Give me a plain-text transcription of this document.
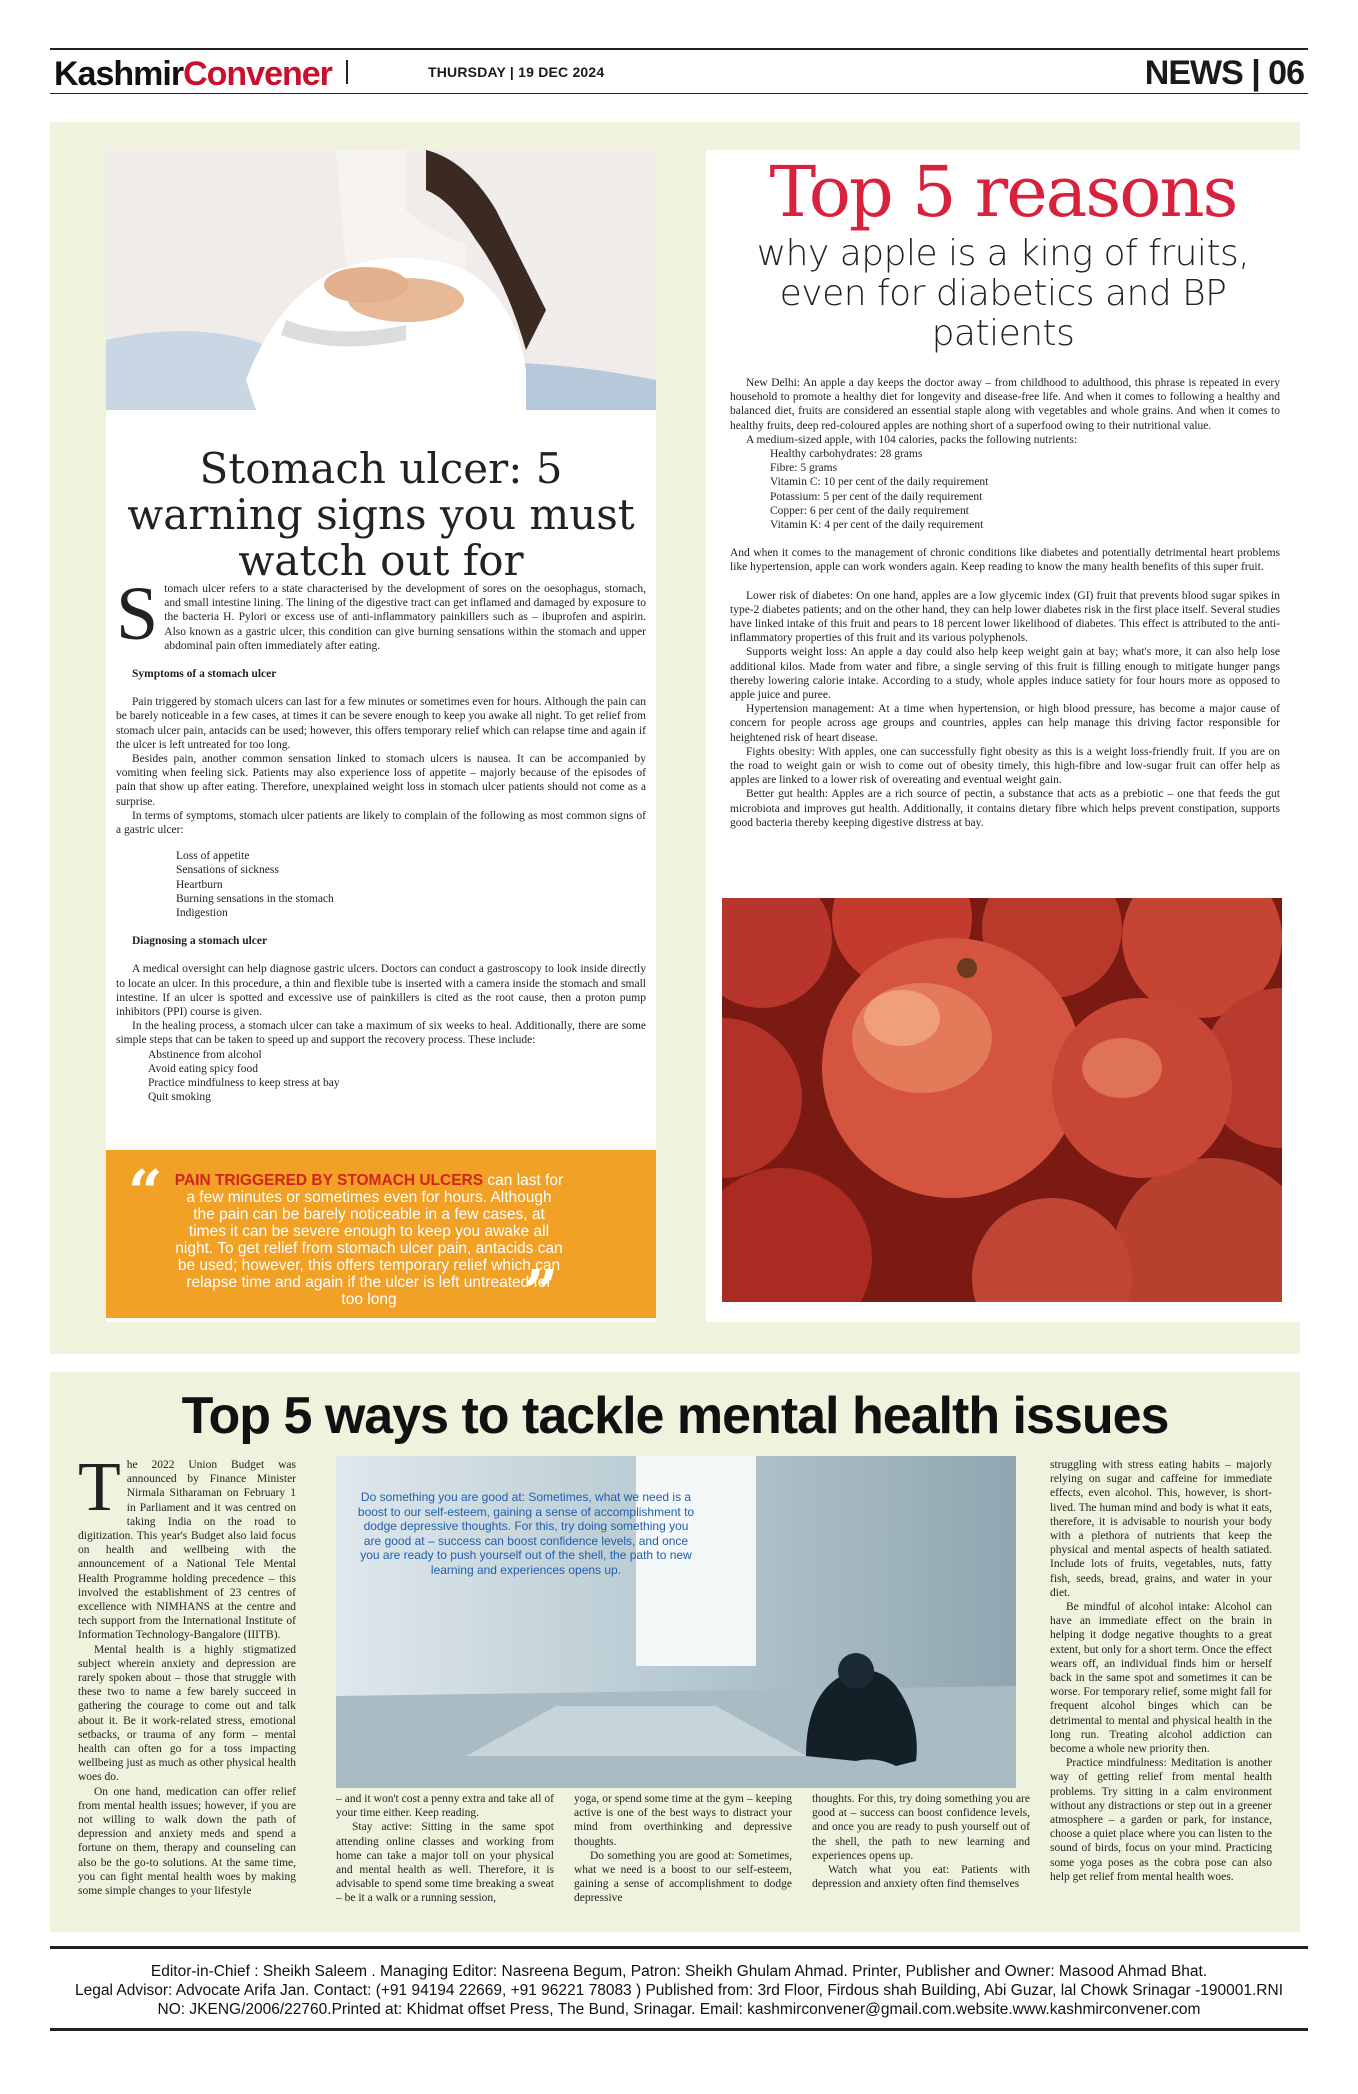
KashmirConvener	THURSDAY | 19 DEC 2024	NEWS | 06
Stomach ulcer: 5 warning signs you must watch out for
S tomach ulcer refers to a state characterised by the development of sores on the oesophagus, stomach, and small intestine lining. The lining of the digestive tract can get inflamed and damaged by exposure to the bacteria H. Pylori or excess use of anti-inflammatory painkillers such as – ibuprofen and aspirin. Also known as a gastric ulcer, this condition can give burning sensations within the stomach and upper abdominal pain often immediately after eating.

Symptoms of a stomach ulcer

Pain triggered by stomach ulcers can last for a few minutes or sometimes even for hours. Although the pain can be barely noticeable in a few cases, at times it can be severe enough to keep you awake all night. To get relief from stomach ulcer pain, antacids can be used; however, this offers temporary relief which can relapse time and again if the ulcer is left untreated for too long.

Besides pain, another common sensation linked to stomach ulcers is nausea. It can be accompanied by vomiting when feeling sick. Patients may also experience loss of appetite – majorly because of the episodes of pain that show up after eating. Therefore, unexplained weight loss in stomach ulcer patients should not come as a surprise.

In terms of symptoms, stomach ulcer patients are likely to complain of the following as most common signs of a gastric ulcer:

Loss of appetite
Sensations of sickness
Heartburn
Burning sensations in the stomach
Indigestion

Diagnosing a stomach ulcer

A medical oversight can help diagnose gastric ulcers. Doctors can conduct a gastroscopy to look inside directly to locate an ulcer. In this procedure, a thin and flexible tube is inserted with a camera inside the stomach and small intestine. If an ulcer is spotted and excessive use of painkillers is cited as the root cause, then a proton pump inhibitors (PPI) course is given.

In the healing process, a stomach ulcer can take a maximum of six weeks to heal. Additionally, there are some simple steps that can be taken to speed up and support the recovery process. These include:

Abstinence from alcohol
Avoid eating spicy food
Practice mindfulness to keep stress at bay
Quit smoking
“ PAIN TRIGGERED BY STOMACH ULCERS can last for a few minutes or sometimes even for hours. Although the pain can be barely noticeable in a few cases, at times it can be severe enough to keep you awake all night. To get relief from stomach ulcer pain, antacids can be used; however, this offers temporary relief which can relapse time and again if the ulcer is left untreated for too long	”
Top 5 reasons
why apple is a king of fruits, even for diabetics and BP patients

New Delhi: An apple a day keeps the doctor away – from childhood to adulthood, this phrase is repeated in every household to promote a healthy diet for longevity and disease-free life. And when it comes to following a healthy and balanced diet, fruits are considered an essential staple along with vegetables and whole grains. And when it comes to healthy fruits, deep red-coloured apples are nothing short of a superfood owing to their nutritional value.

A medium-sized apple, with 104 calories, packs the following nutrients:

Healthy carbohydrates: 28 grams
Fibre: 5 grams
Vitamin C: 10 per cent of the daily requirement
Potassium: 5 per cent of the daily requirement
Copper: 6 per cent of the daily requirement
Vitamin K: 4 per cent of the daily requirement

And when it comes to the management of chronic conditions like diabetes and potentially detrimental heart problems like hypertension, apple can work wonders again. Keep reading to know the many health benefits of this super fruit.

Lower risk of diabetes: On one hand, apples are a low glycemic index (GI) fruit that prevents blood sugar spikes in type-2 diabetes patients; and on the other hand, they can help lower diabetes risk in the first place itself. Several studies have linked intake of this fruit and pears to 18 percent lower likelihood of diabetes. This effect is attributed to the anti-inflammatory properties of this fruit and its various polyphenols.

Supports weight loss: An apple a day could also help keep weight gain at bay; what's more, it can also help lose additional kilos. Made from water and fibre, a single serving of this fruit is filling enough to mitigate hunger pangs thereby lowering calorie intake. According to a study, whole apples induce satiety for four hours more as opposed to apple juice and puree.

Hypertension management: At a time when hypertension, or high blood pressure, has become a major cause of concern for people across age groups and countries, apples can help manage this driving factor responsible for heightened risk of heart disease.

Fights obesity: With apples, one can successfully fight obesity as this is a weight loss-friendly fruit. If you are on the road to weight gain or wish to come out of obesity timely, this high-fibre and low-sugar fruit can offer help as apples are linked to a lower risk of overeating and eventual weight gain.

Better gut health: Apples are a rich source of pectin, a substance that acts as a prebiotic – one that feeds the gut microbiota and improves gut health. Additionally, it contains dietary fibre which helps prevent constipation, supports good bacteria thereby keeping digestive distress at bay.

Top 5 ways to tackle mental health issues
T he 2022 Union Budget was announced by Finance Minister Nirmala Sitharaman on February 1 in Parliament and it was centred on taking India on the road to digitization. This year's Budget also laid focus on health and wellbeing with the announcement of a National Tele Mental Health Programme holding precedence – this involved the establishment of 23 centres of excellence with NIMHANS at the centre and tech support from the International Institute of Information Technology-Bangalore (IIITB).

Mental health is a highly stigmatized subject wherein anxiety and depression are rarely spoken about – those that struggle with these two to name a few barely succeed in gathering the courage to come out and talk about it. Be it work-related stress, emotional setbacks, or trauma of any form – mental health can often go for a toss impacting wellbeing just as much as other physical health woes do.

On one hand, medication can offer relief from mental health issues; however, if you are not willing to walk down the path of depression and anxiety meds and spend a fortune on them, therapy and counseling can also be the go-to solutions. At the same time, you can fight mental health woes by making some simple changes to your lifestyle

Do something you are good at: Sometimes, what we need is a boost to our self-esteem, gaining a sense of accomplishment to dodge depressive thoughts. For this, try doing something you are good at – success can boost confidence levels, and once you are ready to push yourself out of the shell, the path to new learning and experiences opens up.

– and it won't cost a penny extra and take all of your time either. Keep reading.

Stay active: Sitting in the same spot attending online classes and working from home can take a major toll on your physical and mental health as well. Therefore, it is advisable to spend some time breaking a sweat – be it a walk or a running session,

yoga, or spend some time at the gym – keeping active is one of the best ways to distract your mind from overthinking and depressive thoughts.

Do something you are good at: Sometimes, what we need is a boost to our self-esteem, gaining a sense of accomplishment to dodge depressive

thoughts. For this, try doing something you are good at – success can boost confidence levels, and once you are ready to push yourself out of the shell, the path to new learning and experiences opens up.

Watch what you eat: Patients with depression and anxiety often find themselves

struggling with stress eating habits – majorly relying on sugar and caffeine for immediate effects, even alcohol. This, however, is short-lived. The human mind and body is what it eats, therefore, it is advisable to nourish your body with a plethora of nutrients that keep the physical and mental aspects of health satiated. Include lots of fruits, vegetables, nuts, fatty fish, seeds, bread, grains, and water in your diet.

Be mindful of alcohol intake: Alcohol can have an immediate effect on the brain in helping it dodge negative thoughts to a great extent, but only for a short term. Once the effect wears off, an individual finds him or herself back in the same spot and sometimes it can be worse. For temporary relief, some might fall for frequent alcohol binges which can be detrimental to mental and physical health in the long run. Treating alcohol addiction can become a whole new priority then.

Practice mindfulness: Meditation is another way of getting relief from mental health problems. Try sitting in a calm environment without any distractions or step out in a greener atmosphere – a garden or park, for instance, choose a quiet place where you can listen to the sound of birds, focus on your mind. Practicing some yoga poses as the cobra pose can also help get relief from mental health woes.

Editor-in-Chief : Sheikh Saleem . Managing Editor: Nasreena Begum, Patron: Sheikh Ghulam Ahmad. Printer, Publisher and Owner: Masood Ahmad Bhat.
Legal Advisor: Advocate Arifa Jan. Contact: (+91 94194 22669, +91 96221 78083 ) Published from: 3rd Floor, Firdous shah Building, Abi Guzar, lal Chowk Srinagar -190001.RNI
NO: JKENG/2006/22760.Printed at: Khidmat offset Press, The Bund, Srinagar. Email: kashmirconvener@gmail.com.website.www.kashmirconvener.com
